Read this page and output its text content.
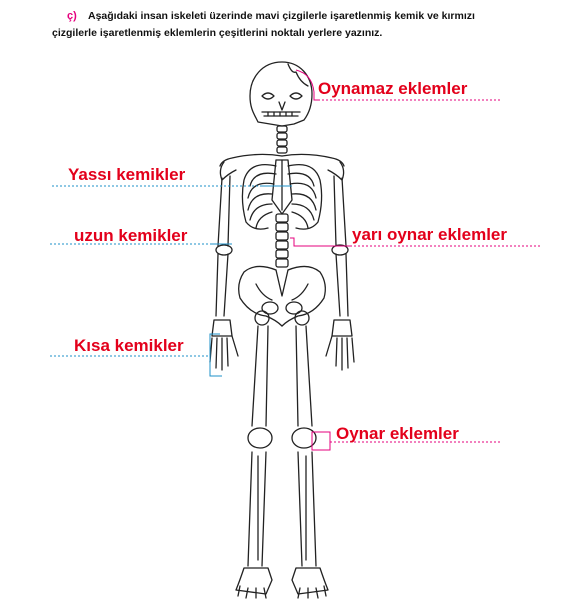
ç) Aşağıdaki insan iskeleti üzerinde mavi çizgilerle işaretlenmiş kemik ve kırmızı
çizgilerle işaretlenmiş eklemlerin çeşitlerini noktalı yerlere yazınız.
Oynamaz eklemler
Yassı kemikler
uzun kemikler	yarı oynar eklemler
Kısa kemikler
Oynar eklemler
